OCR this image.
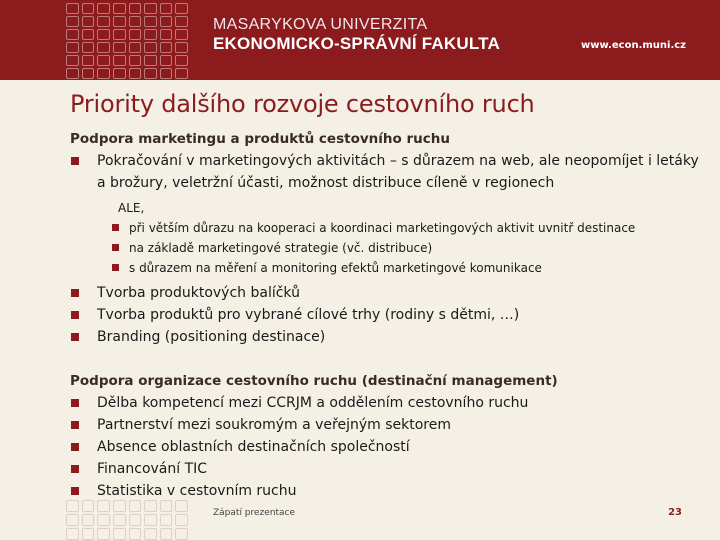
MASARYKOVA UNIVERZITA
EKONOMICKO-SPRÁVNÍ FAKULTA	www.econ.muni.cz
Priority dalšího rozvoje cestovního ruch
Podpora marketingu a produktů cestovního ruchu
Pokračování v marketingových aktivitách – s důrazem na web, ale neopomíjet i letáky a brožury, veletržní účasti, možnost distribuce cíleně v regionech
ALE,
při větším důrazu na kooperaci a koordinaci marketingových aktivit uvnitř destinace
na základě marketingové strategie (vč. distribuce)
s důrazem na měření a monitoring efektů marketingové komunikace
Tvorba produktových balíčků
Tvorba produktů pro vybrané cílové trhy (rodiny s dětmi, …)
Branding (positioning destinace)
Podpora organizace cestovního ruchu (destinační management)
Dělba kompetencí mezi CCRJM a oddělením cestovního ruchu
Partnerství mezi soukromým a veřejným sektorem
Absence oblastních destinačních společností
Financování TIC
Statistika v cestovním ruchu
Zápatí prezentace	23
